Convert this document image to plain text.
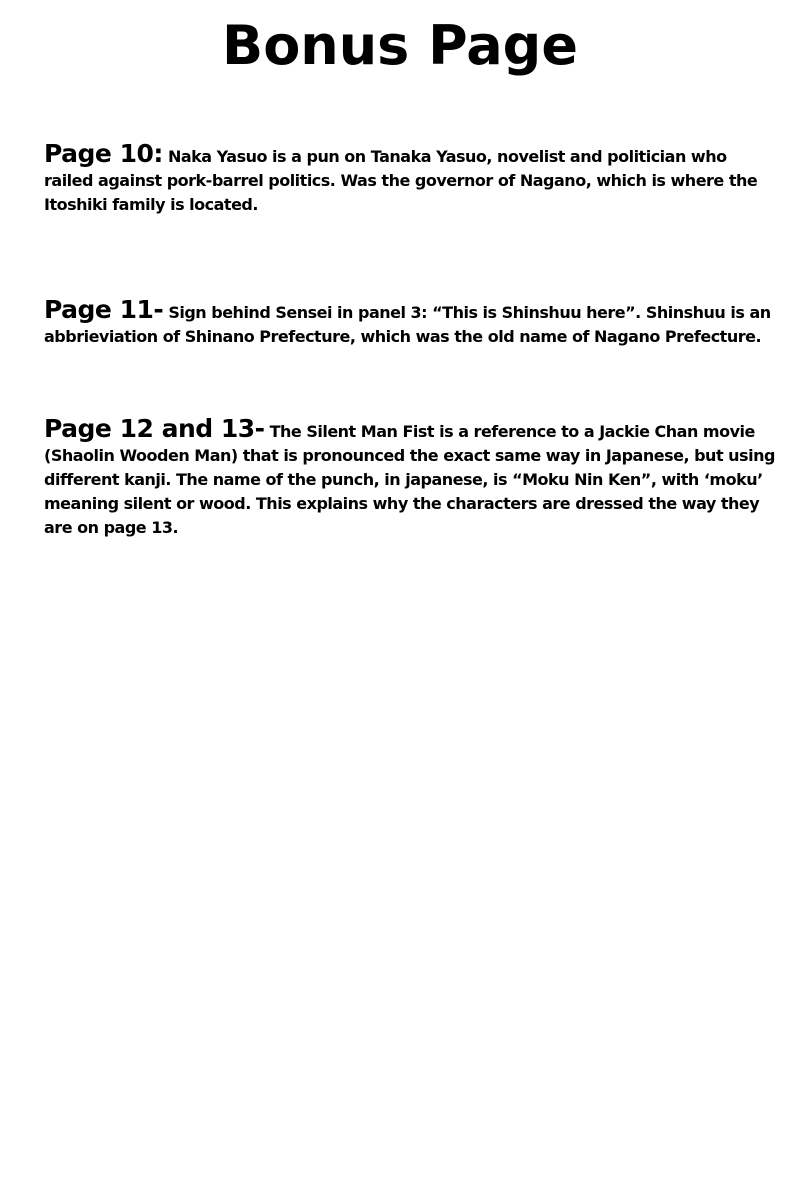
Bonus Page

Page 10: Naka Yasuo is a pun on Tanaka Yasuo, novelist and politician who railed against pork-barrel politics. Was the governor of Nagano, which is where the Itoshiki family is located.

Page 11- Sign behind Sensei in panel 3: “This is Shinshuu here”. Shinshuu is an abbrieviation of Shinano Prefecture, which was the old name of Nagano Prefecture.

Page 12 and 13- The Silent Man Fist is a reference to a Jackie Chan movie (Shaolin Wooden Man) that is pronounced the exact same way in Japanese, but using different kanji. The name of the punch, in japanese, is “Moku Nin Ken”, with ‘moku’ meaning silent or wood. This explains why the characters are dressed the way they are on page 13.
